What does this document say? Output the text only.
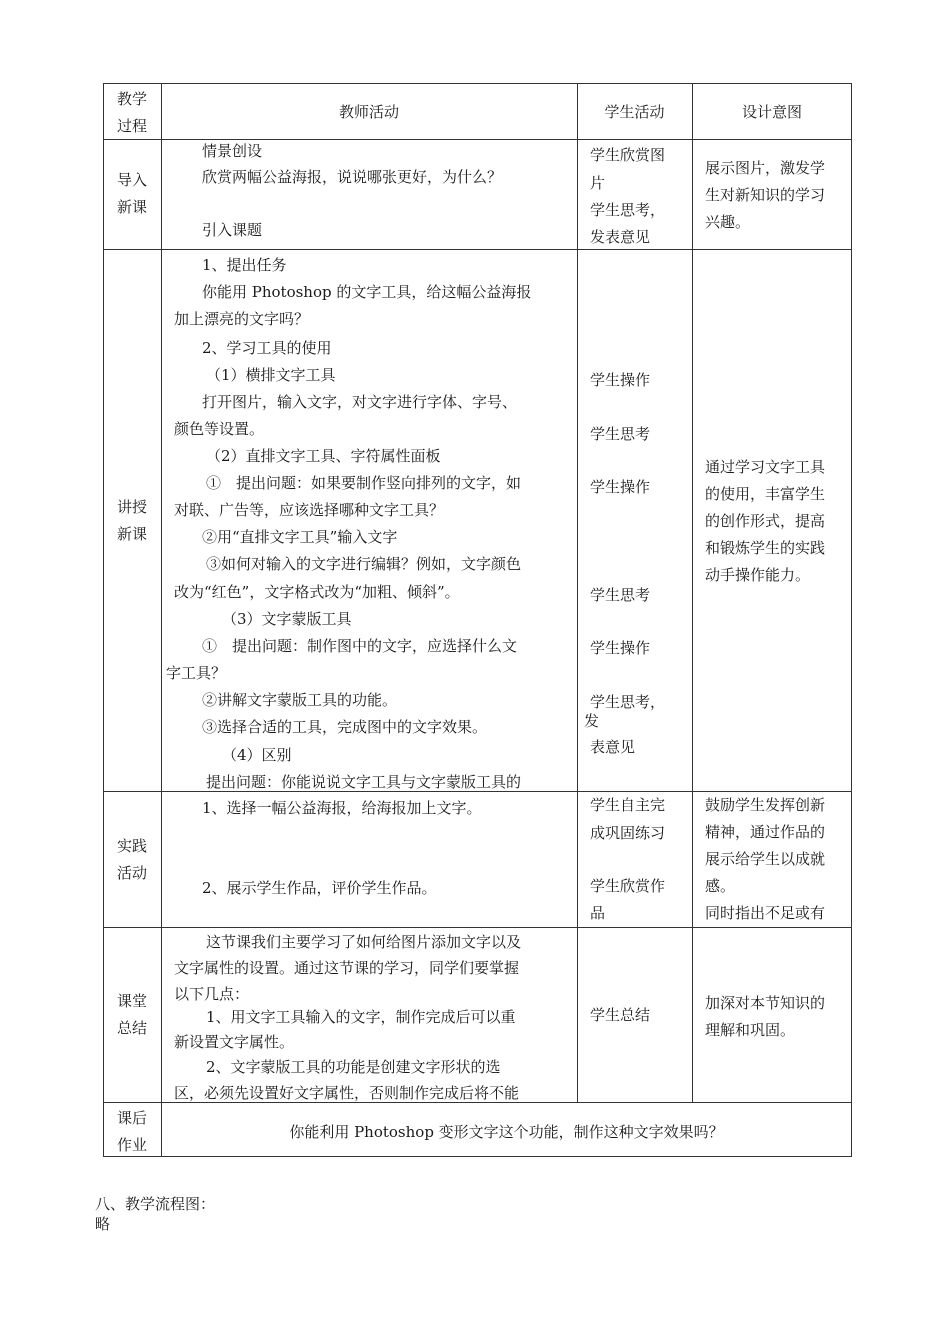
教学
过程
教师活动	学生活动	设计意图
导入
新课
情景创设
欣赏两幅公益海报，说说哪张更好，为什么？
引入课题
学生欣赏图
片
学生思考，
发表意见
展示图片，激发学
生对新知识的学习
兴趣。
讲授
新课
1、提出任务
你能用 Photoshop 的文字工具，给这幅公益海报
加上漂亮的文字吗？
2、学习工具的使用
（1）横排文字工具
打开图片，输入文字，对文字进行字体、字号、
颜色等设置。
（2）直排文字工具、字符属性面板
①　提出问题：如果要制作竖向排列的文字，如
对联、广告等，应该选择哪种文字工具？
②用“直排文字工具”输入文字
③如何对输入的文字进行编辑？例如，文字颜色
改为“红色”，文字格式改为“加粗、倾斜”。
（3）文字蒙版工具
①　提出问题：制作图中的文字，应选择什么文
字工具？
②讲解文字蒙版工具的功能。
③选择合适的工具，完成图中的文字效果。
（4）区别
提出问题：你能说说文字工具与文字蒙版工具的
学生操作
学生思考
学生操作
学生思考
学生操作
学生思考，
发
表意见
通过学习文字工具
的使用，丰富学生
的创作形式，提高
和锻炼学生的实践
动手操作能力。
实践
活动
1、选择一幅公益海报，给海报加上文字。
2、展示学生作品，评价学生作品。
学生自主完
成巩固练习
学生欣赏作
品
鼓励学生发挥创新
精神，通过作品的
展示给学生以成就
感。
同时指出不足或有
课堂
总结
这节课我们主要学习了如何给图片添加文字以及
文字属性的设置。通过这节课的学习，同学们要掌握
以下几点：
1、用文字工具输入的文字，制作完成后可以重
新设置文字属性。
2、文字蒙版工具的功能是创建文字形状的选
区，必须先设置好文字属性，否则制作完成后将不能
学生总结
加深对本节知识的
理解和巩固。
课后
作业
你能利用 Photoshop 变形文字这个功能，制作这种文字效果吗？
八、教学流程图：
略
